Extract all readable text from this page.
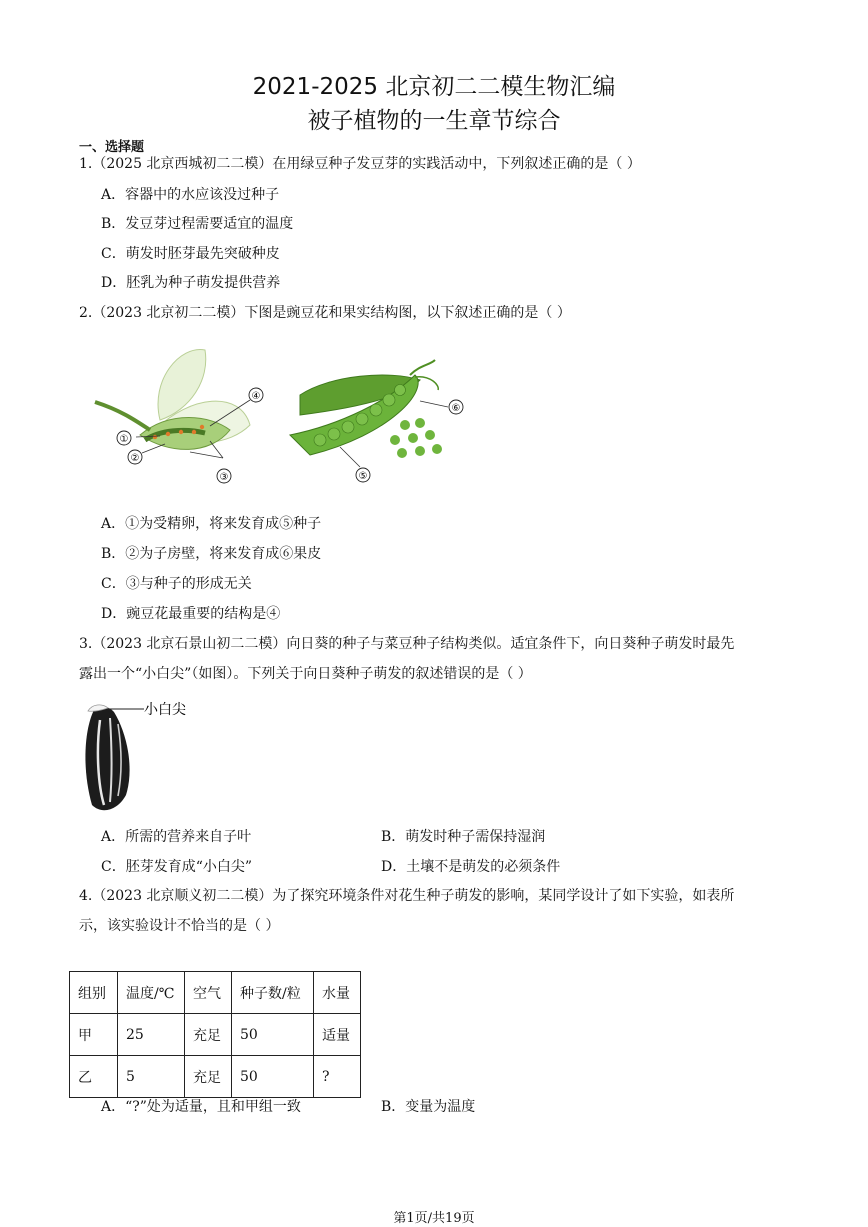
2021-2025 北京初二二模生物汇编
被子植物的一生章节综合
一、选择题
1.（2025 北京西城初二二模）在用绿豆种子发豆芽的实践活动中，下列叙述正确的是（ ）
A．容器中的水应该没过种子
B．发豆芽过程需要适宜的温度
C．萌发时胚芽最先突破种皮
D．胚乳为种子萌发提供营养
2.（2023 北京初二二模）下图是豌豆花和果实结构图，以下叙述正确的是（ ）
④
①
②
③
⑥
⑤
A．①为受精卵，将来发育成⑤种子
B．②为子房壁，将来发育成⑥果皮
C．③与种子的形成无关
D．豌豆花最重要的结构是④
3.（2023 北京石景山初二二模）向日葵的种子与菜豆种子结构类似。适宜条件下，向日葵种子萌发时最先
露出一个“小白尖”（如图）。下列关于向日葵种子萌发的叙述错误的是（ ）
小白尖
A．所需的营养来自子叶	B．萌发时种子需保持湿润
C．胚芽发育成“小白尖”	D．土壤不是萌发的必须条件
4.（2023 北京顺义初二二模）为了探究环境条件对花生种子萌发的影响，某同学设计了如下实验，如表所
示，该实验设计不恰当的是（ ）
组别	温度/℃	空气	种子数/粒	水量
甲	25	充足	50	适量
乙	5	充足	50	?
A．“?”处为适量，且和甲组一致	B．变量为温度
第1页/共19页
